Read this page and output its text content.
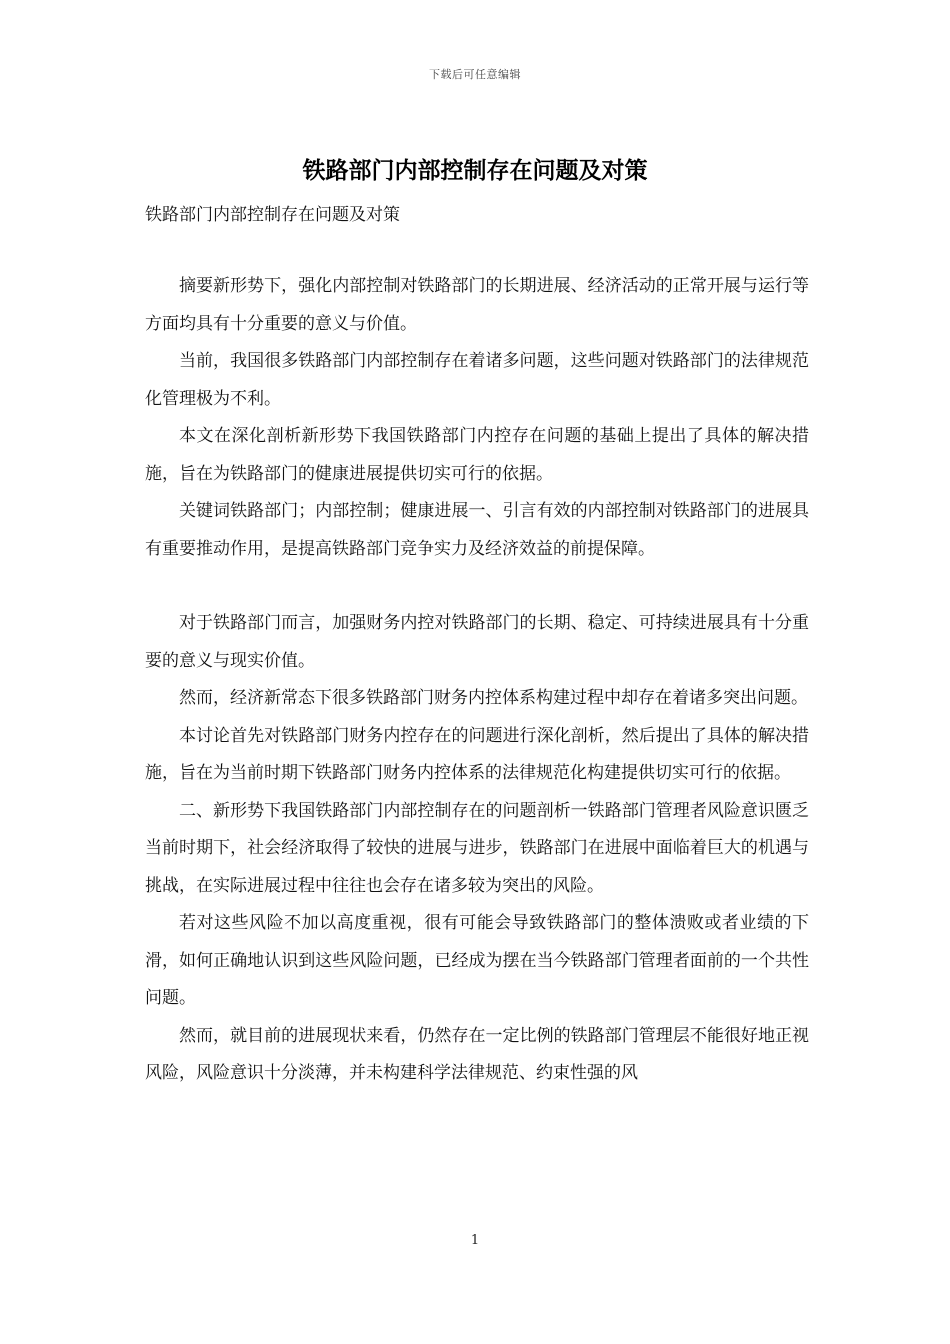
下载后可任意编辑
铁路部门内部控制存在问题及对策

铁路部门内部控制存在问题及对策

摘要新形势下，强化内部控制对铁路部门的长期进展、经济活动的正常开展与运行等方面均具有十分重要的意义与价值。

当前，我国很多铁路部门内部控制存在着诸多问题，这些问题对铁路部门的法律规范化管理极为不利。

本文在深化剖析新形势下我国铁路部门内控存在问题的基础上提出了具体的解决措施，旨在为铁路部门的健康进展提供切实可行的依据。

关键词铁路部门；内部控制；健康进展一、引言有效的内部控制对铁路部门的进展具有重要推动作用，是提高铁路部门竞争实力及经济效益的前提保障。

对于铁路部门而言，加强财务内控对铁路部门的长期、稳定、可持续进展具有十分重要的意义与现实价值。

然而，经济新常态下很多铁路部门财务内控体系构建过程中却存在着诸多突出问题。

本讨论首先对铁路部门财务内控存在的问题进行深化剖析，然后提出了具体的解决措施，旨在为当前时期下铁路部门财务内控体系的法律规范化构建提供切实可行的依据。

二、新形势下我国铁路部门内部控制存在的问题剖析一铁路部门管理者风险意识匮乏当前时期下，社会经济取得了较快的进展与进步，铁路部门在进展中面临着巨大的机遇与挑战，在实际进展过程中往往也会存在诸多较为突出的风险。

若对这些风险不加以高度重视，很有可能会导致铁路部门的整体溃败或者业绩的下滑，如何正确地认识到这些风险问题，已经成为摆在当今铁路部门管理者面前的一个共性问题。

然而，就目前的进展现状来看，仍然存在一定比例的铁路部门管理层不能很好地正视风险，风险意识十分淡薄，并未构建科学法律规范、约束性强的风

1
